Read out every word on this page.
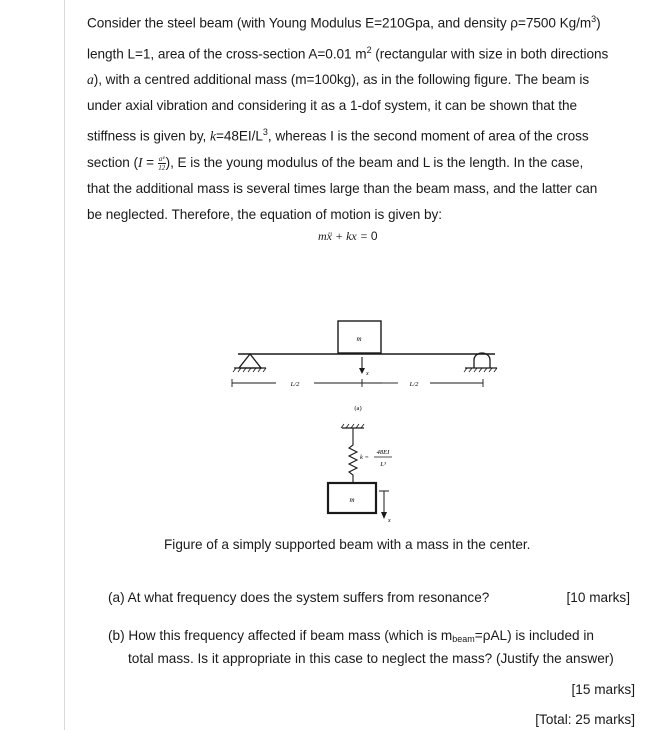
Consider the steel beam (with Young Modulus E=210Gpa, and density ρ=7500 $Kg/m^3$)
length L=1, area of the cross-section A=0.01 $m^2$ (rectangular with size in both directions
a), with a centred additional mass (m=100kg), as in the following figure. The beam is
under axial vibration and considering it as a 1-dof system, it can be shown that the
stiffness is given by, $k=48EI/L^3$, whereas I is the second moment of area of the cross
section ($I = \frac{\text{a⁴}}{12}$ ), E is the young modulus of the beam and L is the length. In the case,
that the additional mass is several times large than the beam mass, and the latter can
be neglected. Therefore, the equation of motion is given by:
mẍ + kx = 0
m
x
L/2	L/2
(a)
k =
48EI
L³
m
x
Figure of a simply supported beam with a mass in the center.
(a) At what frequency does the system suffers from resonance?	[10 marks]
(b) How this frequency affected if beam mass (which is $m_{beam}=\rho AL$) is included in
total mass. Is it appropriate in this case to neglect the mass? (Justify the answer)
[15 marks]
[Total: 25 marks]
